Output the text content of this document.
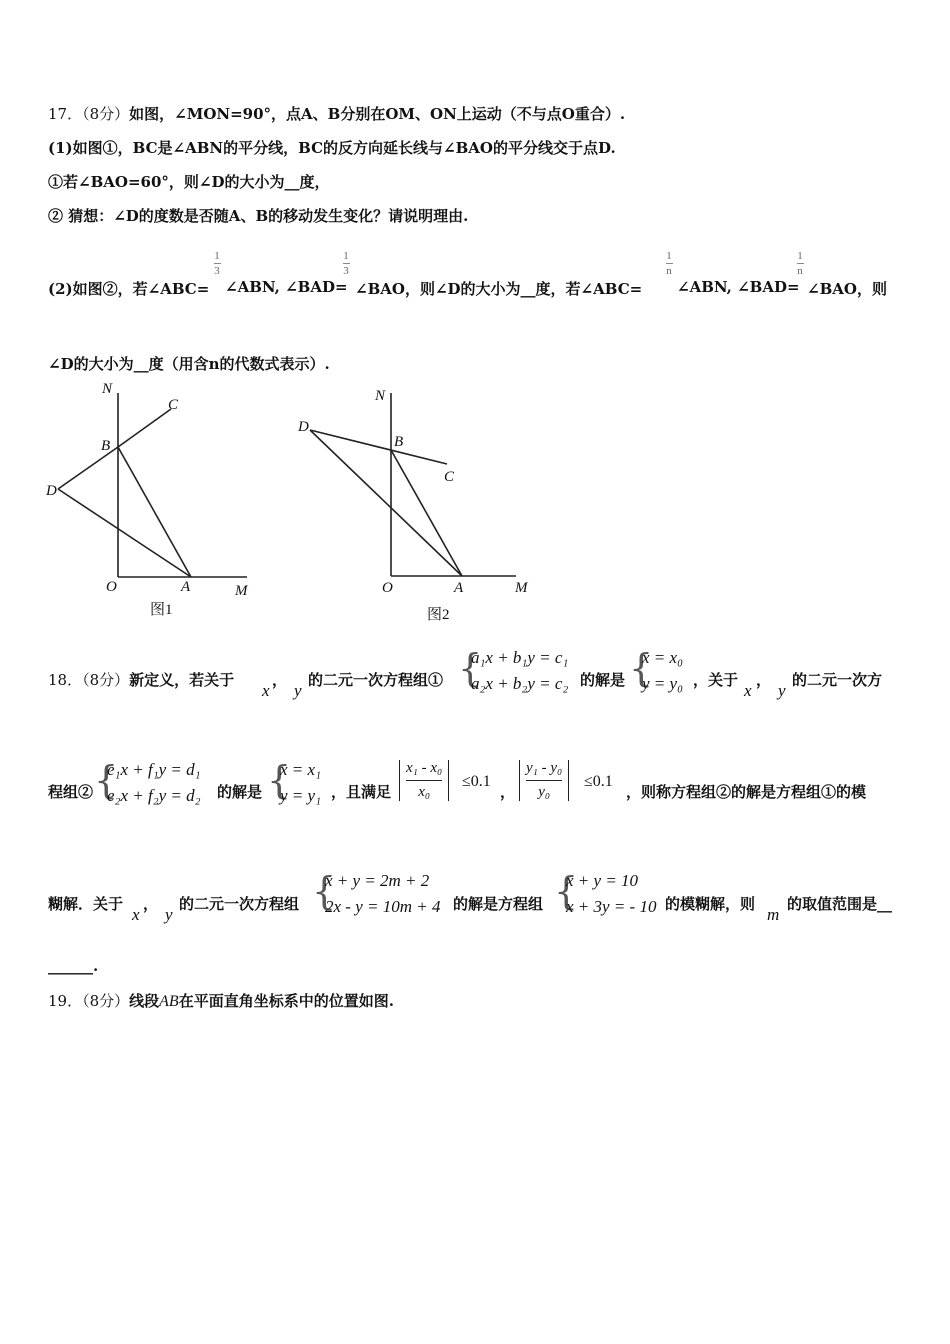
17．（8分）如图，∠MON=90°，点A、B分别在OM、ON上运动（不与点O重合）.
(1)如图①，BC是∠ABN的平分线，BC的反方向延长线与∠BAO的平分线交于点D.
①若∠BAO=60°，则∠D的大小为__度，
② 猜想：∠D的度数是否随A、B的移动发生变化？请说明理由.
1
3
1
3
1
n
1
n
(2)如图②，若∠ABC= ∠ABN, ∠BAD= ∠BAO，则∠D的大小为__度，若∠ABC= ∠ABN, ∠BAD= ∠BAO，则
∠D的大小为__度（用含n的代数式表示）.
N
C
B
D
O	A	M
图1
N
D
B
C
O	A	M
图2
18．（8分）新定义，若关于
x
，
y
的二元一次方程组① {
a₁x + b₁y = c₁
a₂x + b₂y = c₂ 的解是 {
x = x₀
y = y₀ ，关于
x
，
y
的二元一次方
程组② {
e₁x + f₁y = d₁
e₂x + f₂y = d₂ 的解是 {
x = x₁
y = y₁ ，且满足 $\frac{\text{x₁ - x₀}}{\text{x₀}} \le 0.1$
， $\frac{\text{y₁ - y₀}}{\text{y₀}} \le 0.1$
，则称方程组②的解是方程组①的模
糊解．关于
x
，
y
的二元一次方程组 {
x + y = 2m + 2
2x - y = 10m + 4 的解是方程组 {
x + y = 10
x + 3y = - 10 的模糊解，则
m
的取值范围是__
______.
19．（8分）线段AB在平面直角坐标系中的位置如图.
